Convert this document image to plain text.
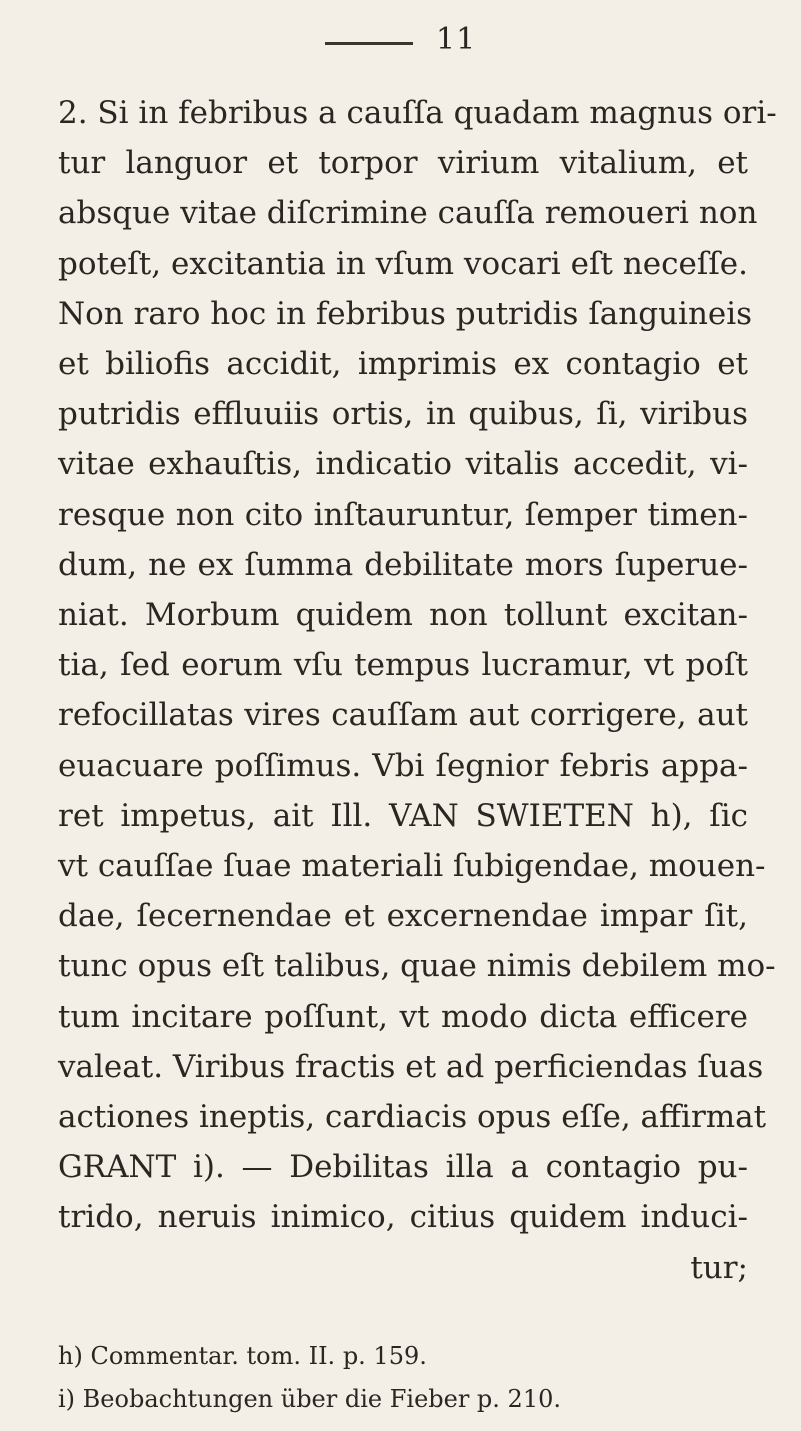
11
2. Si in febribus a cauſſa quadam magnus ori-
tur languor et torpor virium vitalium, et
absque vitae diſcrimine cauſſa remoueri non
poteſt, excitantia in vſum vocari eſt neceſſe.
Non raro hoc in febribus putridis ſanguineis
et biliofis accidit, imprimis ex contagio et
putridis effluuiis ortis, in quibus, ſi, viribus
vitae exhauſtis, indicatio vitalis accedit, vi-
resque non cito inſtauruntur, ſemper timen-
dum, ne ex ſumma debilitate mors ſuperue-
niat. Morbum quidem non tollunt excitan-
tia, ſed eorum vſu tempus lucramur, vt poſt
refocillatas vires cauſſam aut corrigere, aut
euacuare poſſimus. Vbi ſegnior febris appa-
ret impetus, ait Ill. VAN SWIETEN h), ſic
vt cauſſae ſuae materiali ſubigendae, mouen-
dae, ſecernendae et excernendae impar ſit,
tunc opus eſt talibus, quae nimis debilem mo-
tum incitare poſſunt, vt modo dicta efficere
valeat. Viribus fractis et ad perficiendas ſuas
actiones ineptis, cardiacis opus eſſe, affirmat
GRANT i). — Debilitas illa a contagio pu-
trido, neruis inimico, citius quidem induci-
tur;
h) Commentar. tom. II. p. 159.
i) Beobachtungen über die Fieber p. 210.
